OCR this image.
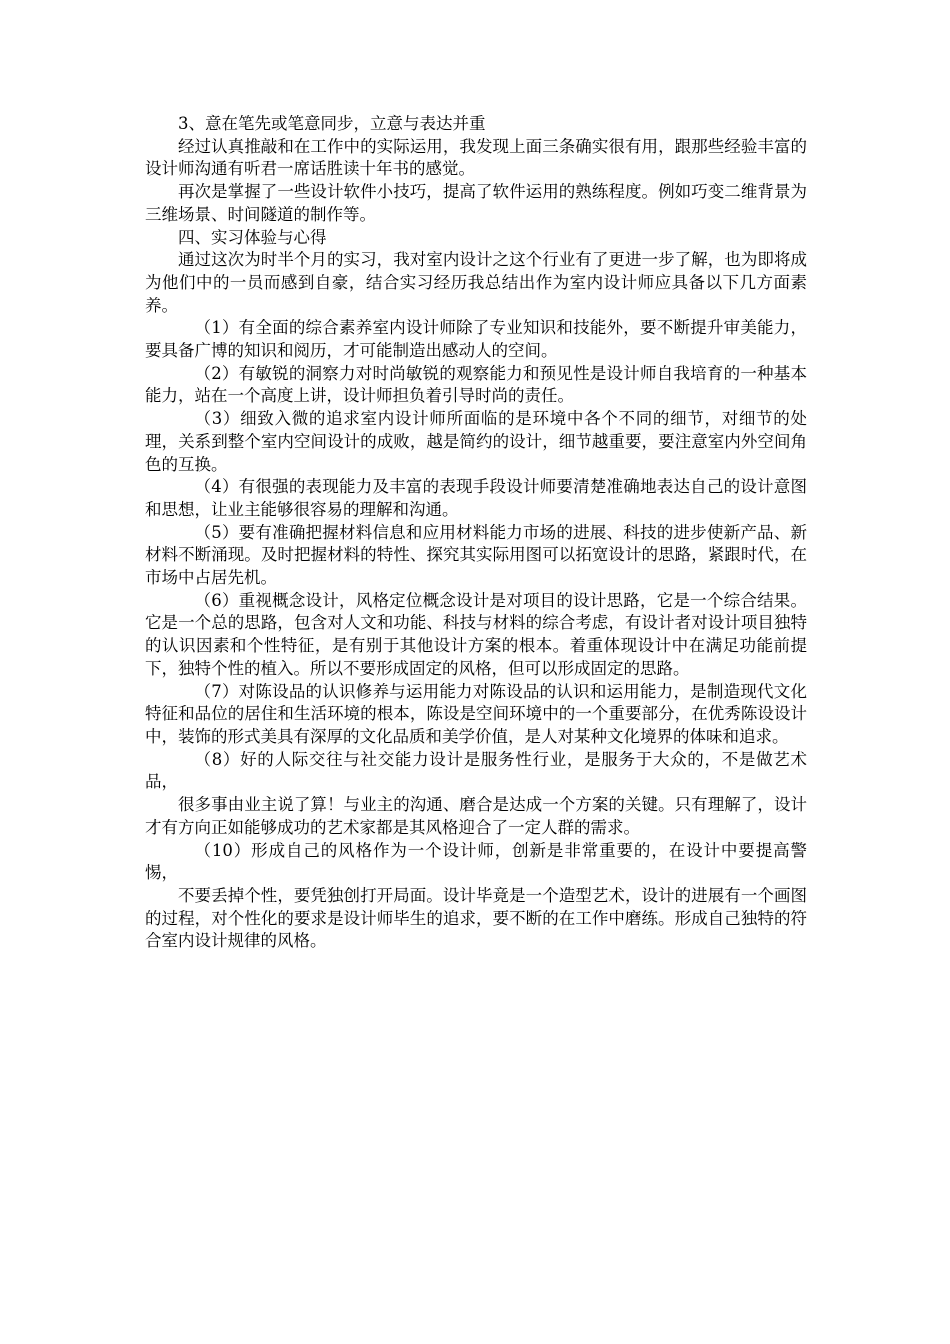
3、意在笔先或笔意同步，立意与表达并重

经过认真推敲和在工作中的实际运用，我发现上面三条确实很有用，跟那些经验丰富的设计师沟通有听君一席话胜读十年书的感觉。

再次是掌握了一些设计软件小技巧，提高了软件运用的熟练程度。例如巧变二维背景为三维场景、时间隧道的制作等。

四、实习体验与心得

通过这次为时半个月的实习，我对室内设计之这个行业有了更进一步了解，也为即将成为他们中的一员而感到自豪，结合实习经历我总结出作为室内设计师应具备以下几方面素养。

（1）有全面的综合素养室内设计师除了专业知识和技能外，要不断提升审美能力，要具备广博的知识和阅历，才可能制造出感动人的空间。

（2）有敏锐的洞察力对时尚敏锐的观察能力和预见性是设计师自我培育的一种基本能力，站在一个高度上讲，设计师担负着引导时尚的责任。

（3）细致入微的追求室内设计师所面临的是环境中各个不同的细节，对细节的处理，关系到整个室内空间设计的成败，越是简约的设计，细节越重要，要注意室内外空间角色的互换。

（4）有很强的表现能力及丰富的表现手段设计师要清楚准确地表达自己的设计意图和思想，让业主能够很容易的理解和沟通。

（5）要有准确把握材料信息和应用材料能力市场的进展、科技的进步使新产品、新材料不断涌现。及时把握材料的特性、探究其实际用图可以拓宽设计的思路，紧跟时代，在市场中占居先机。

（6）重视概念设计，风格定位概念设计是对项目的设计思路，它是一个综合结果。它是一个总的思路，包含对人文和功能、科技与材料的综合考虑，有设计者对设计项目独特的认识因素和个性特征，是有别于其他设计方案的根本。着重体现设计中在满足功能前提下，独特个性的植入。所以不要形成固定的风格，但可以形成固定的思路。

（7）对陈设品的认识修养与运用能力对陈设品的认识和运用能力，是制造现代文化特征和品位的居住和生活环境的根本，陈设是空间环境中的一个重要部分，在优秀陈设设计中，装饰的形式美具有深厚的文化品质和美学价值，是人对某种文化境界的体味和追求。

（8）好的人际交往与社交能力设计是服务性行业，是服务于大众的，不是做艺术品，

很多事由业主说了算！与业主的沟通、磨合是达成一个方案的关键。只有理解了，设计才有方向正如能够成功的艺术家都是其风格迎合了一定人群的需求。

（10）形成自己的风格作为一个设计师，创新是非常重要的，在设计中要提高警惕，

不要丢掉个性，要凭独创打开局面。设计毕竟是一个造型艺术，设计的进展有一个画图的过程，对个性化的要求是设计师毕生的追求，要不断的在工作中磨练。形成自己独特的符合室内设计规律的风格。
